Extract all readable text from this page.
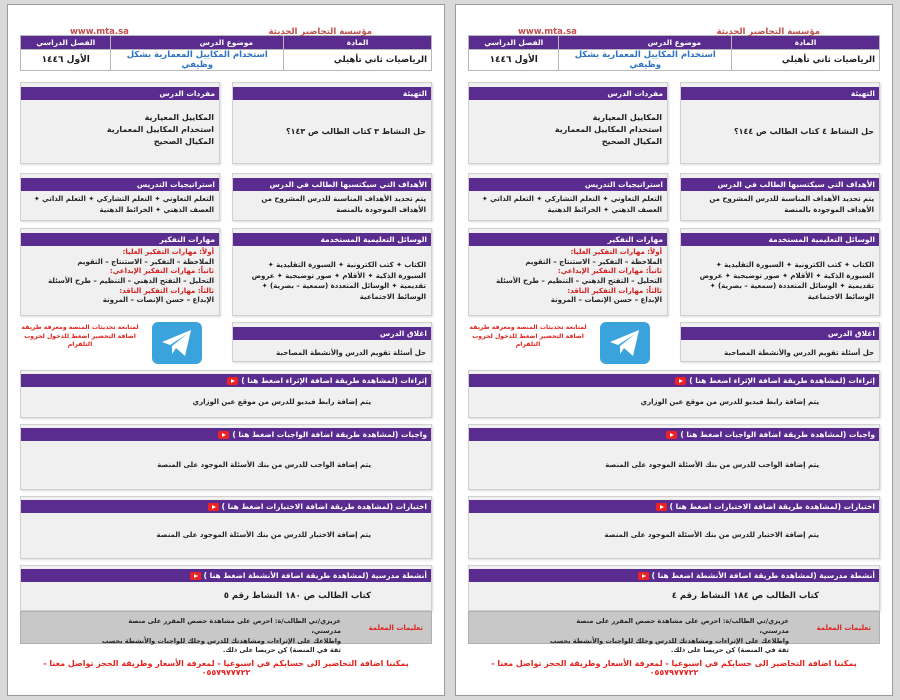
مؤسسة التحاضير الحديثة
www.mta.sa
المادة	موضوع الدرس	الفصل الدراسي
الرياضيات ثاني تأهيلي	استخدام المكاييل المعمارية بشكل وظيفي	الأول ١٤٤٦
التهيئة
حل النشاط ٤ كتاب الطالب ص ١٤٤؟
مفردات الدرس
المكاييل المعيارية
استخدام المكاييل المعمارية
المكيال الصحيح
الأهداف التي سيكتسبها الطالب في الدرس
يتم تحديد الأهداف المناسبة للدرس المشروح من الأهداف الموجودة بالمنصة
استراتيجيات التدريس
التعلم التعاوني ✦ التعلم التشاركي ✦ التعلم الذاتي ✦ العصف الذهني ✦ الخرائط الذهنية
الوسائل التعليمية المستخدمة
الكتاب ✦ كتب الكترونية ✦ السبورة التقليدية ✦ السبورة الذكية ✦ الأقلام ✦ صور توضيحية ✦ عروض تقديمية ✦ الوسائل المتعددة (سمعية – بصرية) ✦ الوسائط الاجتماعية
مهارات التفكير
أولاً: مهارات التفكير العليا:
الملاحظة – التفكير – الاستنتاج – التقويم
ثانياً: مهارات التفكير الإبداعي:
التحليل – التفتح الذهني – التنظيم – طرح الأسئلة
ثالثاً: مهارات التفكير الناقد:
الإبداع – حسن الإنصات – المرونة
اغلاق الدرس
حل أسئلة تقويم الدرس والأنشطة المصاحبة
لمتابعة تحديثات المنصة ومعرفة طريقة اضافة التحضير اضغط للدخول لجروب التلقرام
إثراءات (لمشاهدة طريقة اضافة الإثراء اضغط هنا )
يتم إضافة رابط فيديو للدرس من موقع عين الوزاري
واجبات (لمشاهدة طريقة اضافة الواجبات اضغط هنا )
يتم إضافة الواجب للدرس من بنك الأسئلة الموجود على المنصة
اختبارات (لمشاهدة طريقة اضافة الاختبارات اضغط هنا )
يتم إضافة الاختبار للدرس من بنك الأسئلة الموجود على المنصة
أنشطة مدرسية (لمشاهدة طريقة اضافة الأنشطة اضغط هنا )
كتاب الطالب ص ١٨٤ النشاط رقم ٤
تعليمات المعلمة
عزيزي/تي الطالب/ة: احرص على مشاهدة حصص المقرر على منصة مدرستي،
واطلاعك على الإثراءات ومشاهدتك للدرس وحلك للواجبات والأنشطة بحسب ثقة في المنصة) كن حريصا على ذلك.
يمكننا اضافة التحاضير الى حسابكم في اسبوعيا - لمعرفة الأسعار وطريقة الحجز تواصل معنا - ٠٥٥٧٩٧٧٧٢٢
مؤسسة التحاضير الحديثة
www.mta.sa
المادة	موضوع الدرس	الفصل الدراسي
الرياضيات ثاني تأهيلي	استخدام المكاييل المعمارية بشكل وظيفي	الأول ١٤٤٦
التهيئة
حل النشاط ٣ كتاب الطالب ص ١٤٣؟
مفردات الدرس
المكاييل المعيارية
استخدام المكاييل المعمارية
المكيال الصحيح
الأهداف التي سيكتسبها الطالب في الدرس
يتم تحديد الأهداف المناسبة للدرس المشروح من الأهداف الموجودة بالمنصة
استراتيجيات التدريس
التعلم التعاوني ✦ التعلم التشاركي ✦ التعلم الذاتي ✦ العصف الذهني ✦ الخرائط الذهنية
الوسائل التعليمية المستخدمة
الكتاب ✦ كتب الكترونية ✦ السبورة التقليدية ✦ السبورة الذكية ✦ الأقلام ✦ صور توضيحية ✦ عروض تقديمية ✦ الوسائل المتعددة (سمعية – بصرية) ✦ الوسائط الاجتماعية
مهارات التفكير
أولاً: مهارات التفكير العليا:
الملاحظة – التفكير – الاستنتاج – التقويم
ثانياً: مهارات التفكير الإبداعي:
التحليل – التفتح الذهني – التنظيم – طرح الأسئلة
ثالثاً: مهارات التفكير الناقد:
الإبداع – حسن الإنصات – المرونة
اغلاق الدرس
حل أسئلة تقويم الدرس والأنشطة المصاحبة
لمتابعة تحديثات المنصة ومعرفة طريقة اضافة التحضير اضغط للدخول لجروب التلقرام
إثراءات (لمشاهدة طريقة اضافة الإثراء اضغط هنا )
يتم إضافة رابط فيديو للدرس من موقع عين الوزاري
واجبات (لمشاهدة طريقة اضافة الواجبات اضغط هنا )
يتم إضافة الواجب للدرس من بنك الأسئلة الموجود على المنصة
اختبارات (لمشاهدة طريقة اضافة الاختبارات اضغط هنا )
يتم إضافة الاختبار للدرس من بنك الأسئلة الموجود على المنصة
أنشطة مدرسية (لمشاهدة طريقة اضافة الأنشطة اضغط هنا )
كتاب الطالب ص ١٨٠ النشاط رقم ٥
تعليمات المعلمة
عزيزي/تي الطالب/ة: احرص على مشاهدة حصص المقرر على منصة مدرستي،
واطلاعك على الإثراءات ومشاهدتك للدرس وحلك للواجبات والأنشطة بحسب ثقة في المنصة) كن حريصا على ذلك.
يمكننا اضافة التحاضير الى حسابكم في اسبوعيا - لمعرفة الأسعار وطريقة الحجز تواصل معنا - ٠٥٥٧٩٧٧٧٢٢
